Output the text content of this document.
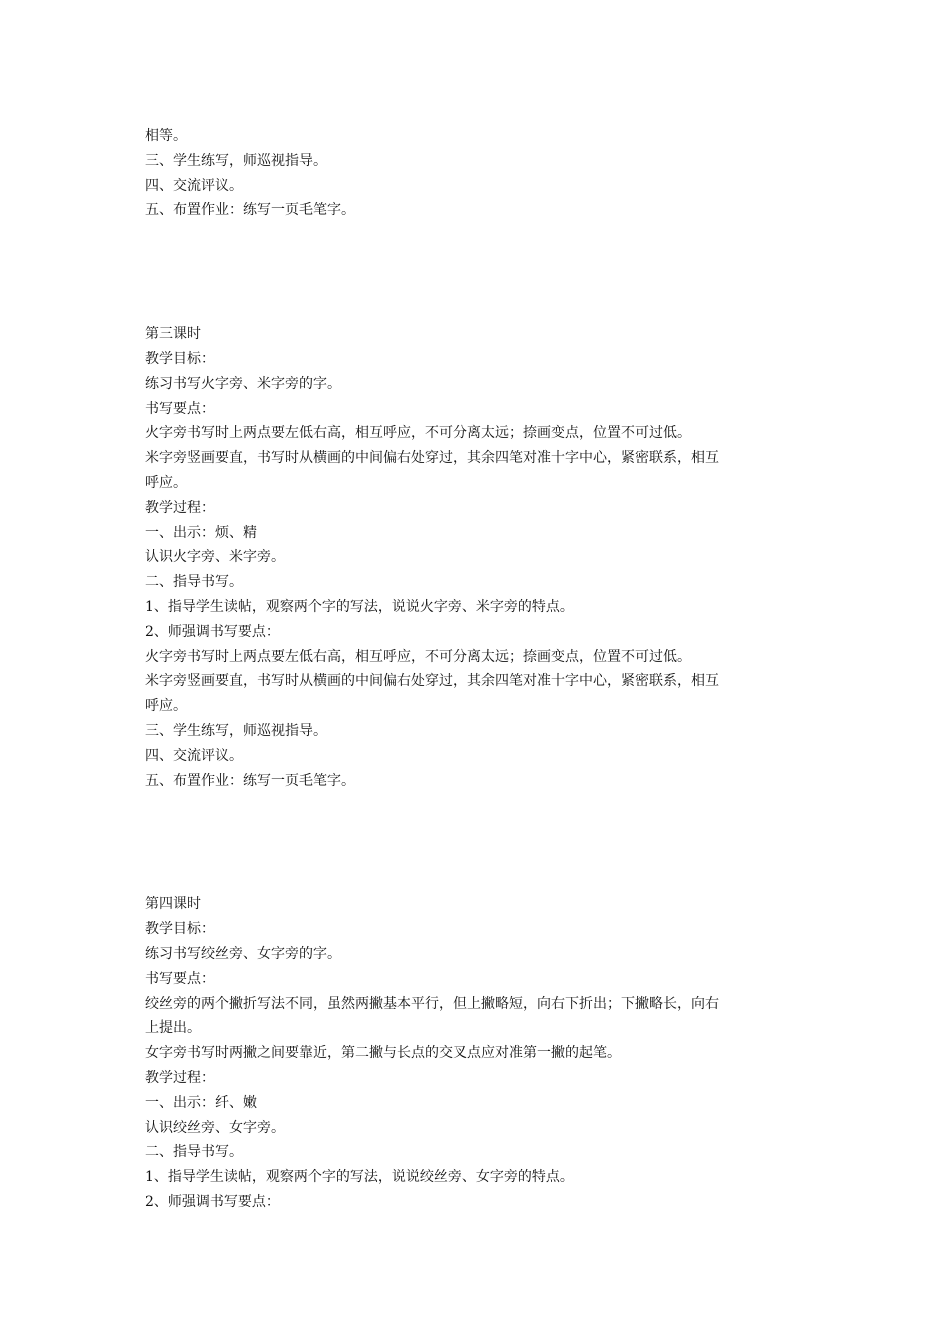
相等。
三、学生练写，师巡视指导。
四、交流评议。
五、布置作业：练写一页毛笔字。
第三课时
教学目标：
练习书写火字旁、米字旁的字。
书写要点：
火字旁书写时上两点要左低右高，相互呼应，不可分离太远；捺画变点，位置不可过低。
米字旁竖画要直，书写时从横画的中间偏右处穿过，其余四笔对准十字中心，紧密联系，相互
呼应。
教学过程：
一、出示：烦、精
认识火字旁、米字旁。
二、指导书写。
1、指导学生读帖，观察两个字的写法，说说火字旁、米字旁的特点。
2、师强调书写要点：
火字旁书写时上两点要左低右高，相互呼应，不可分离太远；捺画变点，位置不可过低。
米字旁竖画要直，书写时从横画的中间偏右处穿过，其余四笔对准十字中心，紧密联系，相互
呼应。
三、学生练写，师巡视指导。
四、交流评议。
五、布置作业：练写一页毛笔字。
第四课时
教学目标：
练习书写绞丝旁、女字旁的字。
书写要点：
绞丝旁的两个撇折写法不同，虽然两撇基本平行，但上撇略短，向右下折出；下撇略长，向右
上提出。
女字旁书写时两撇之间要靠近，第二撇与长点的交叉点应对准第一撇的起笔。
教学过程：
一、出示：纤、嫩
认识绞丝旁、女字旁。
二、指导书写。
1、指导学生读帖，观察两个字的写法，说说绞丝旁、女字旁的特点。
2、师强调书写要点：
